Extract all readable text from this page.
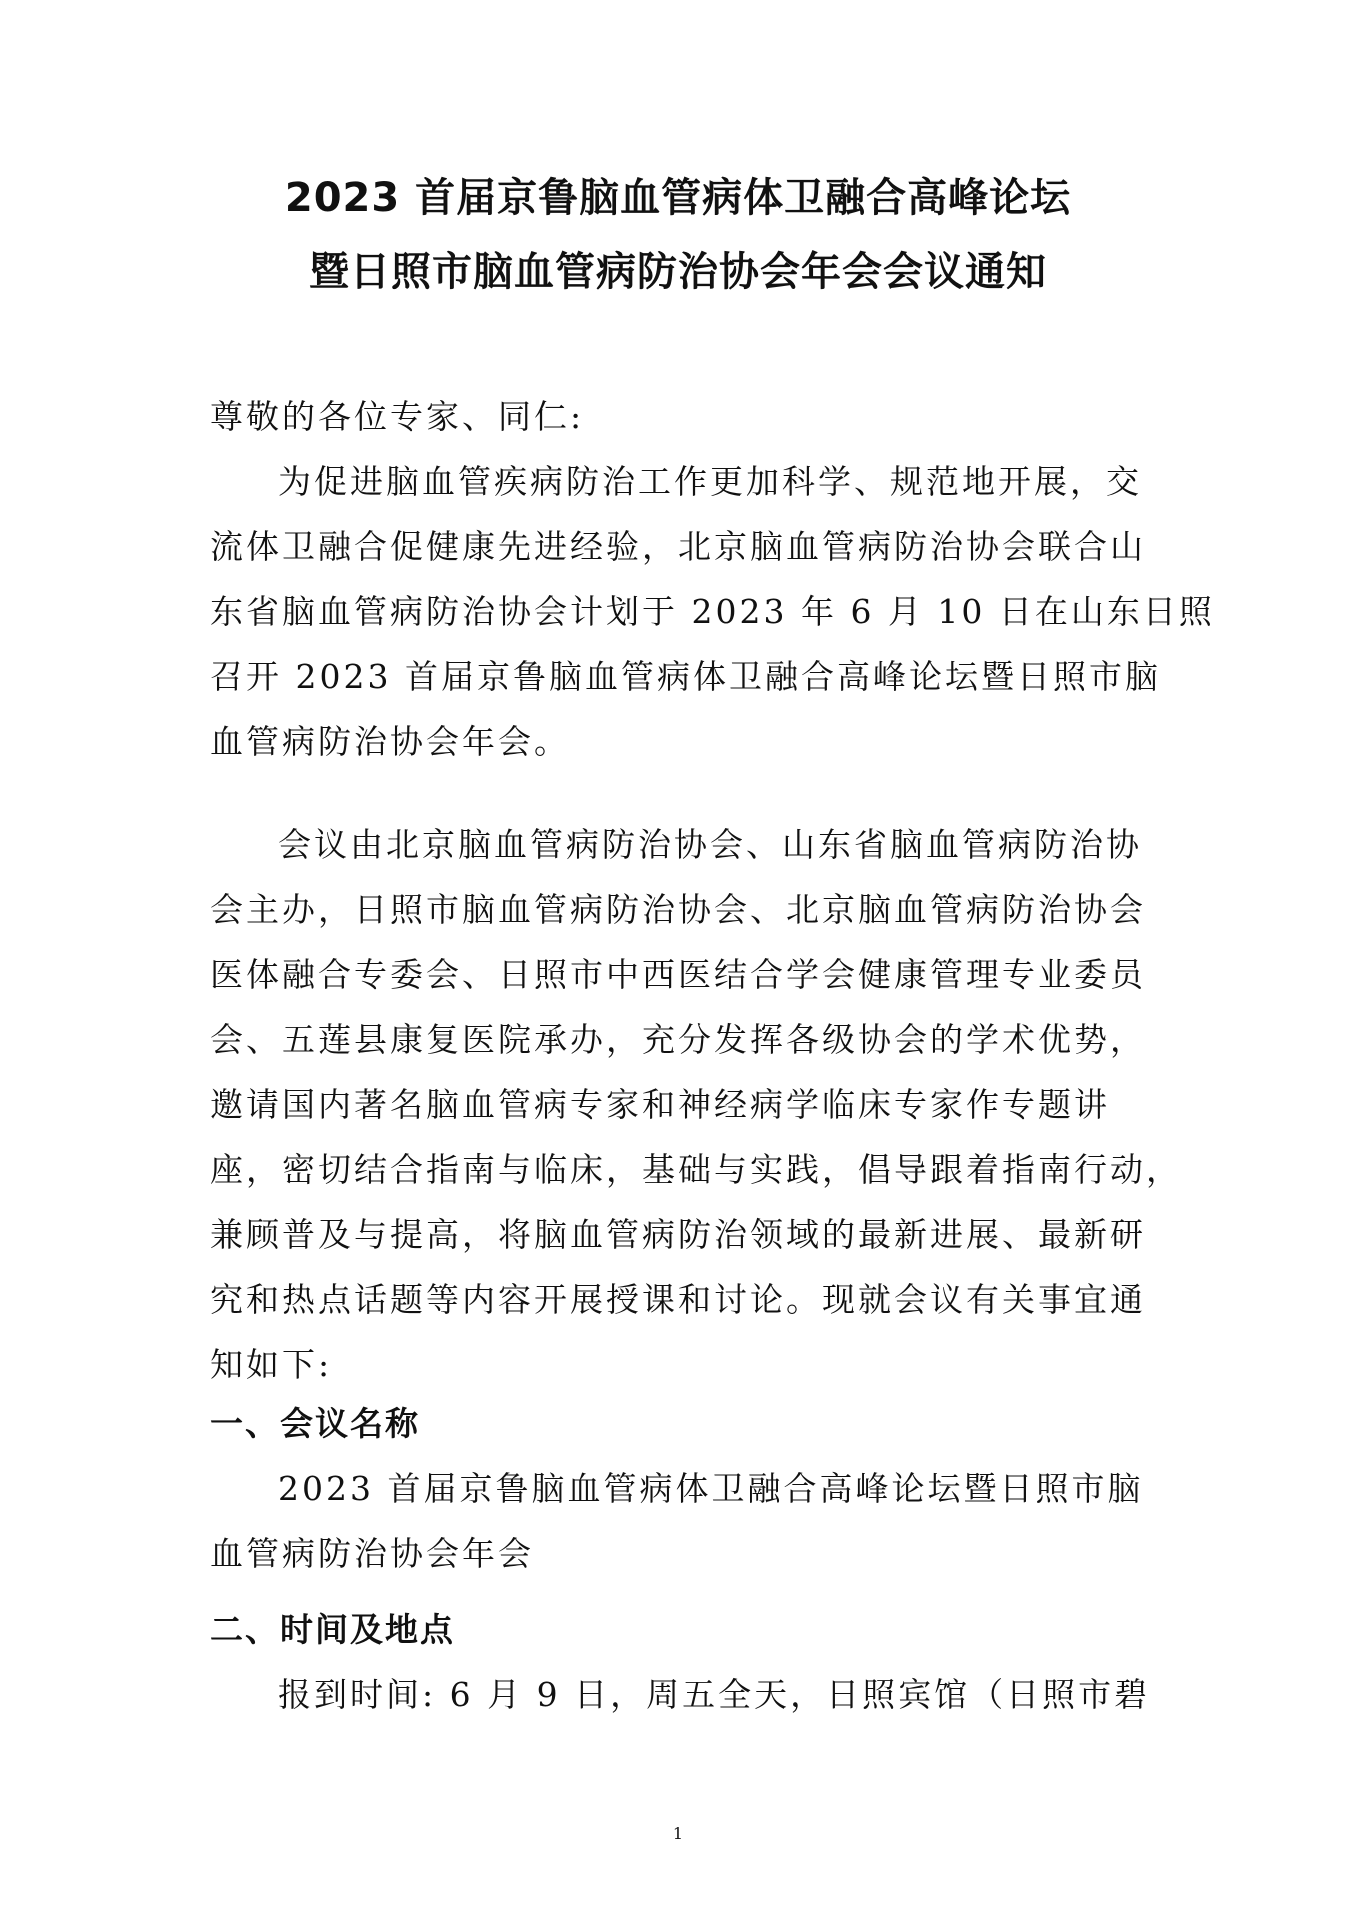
2023 首届京鲁脑血管病体卫融合高峰论坛
暨日照市脑血管病防治协会年会会议通知
尊敬的各位专家、同仁:
为促进脑血管疾病防治工作更加科学、规范地开展，交
流体卫融合促健康先进经验，北京脑血管病防治协会联合山
东省脑血管病防治协会计划于 2023 年 6 月 10 日在山东日照
召开 2023 首届京鲁脑血管病体卫融合高峰论坛暨日照市脑
血管病防治协会年会。
会议由北京脑血管病防治协会、山东省脑血管病防治协
会主办，日照市脑血管病防治协会、北京脑血管病防治协会
医体融合专委会、日照市中西医结合学会健康管理专业委员
会、五莲县康复医院承办，充分发挥各级协会的学术优势，
邀请国内著名脑血管病专家和神经病学临床专家作专题讲
座，密切结合指南与临床，基础与实践，倡导跟着指南行动，
兼顾普及与提高，将脑血管病防治领域的最新进展、最新研
究和热点话题等内容开展授课和讨论。现就会议有关事宜通
知如下:
一、会议名称
2023 首届京鲁脑血管病体卫融合高峰论坛暨日照市脑
血管病防治协会年会
二、时间及地点
报到时间: 6 月 9 日，周五全天，日照宾馆（日照市碧
1
